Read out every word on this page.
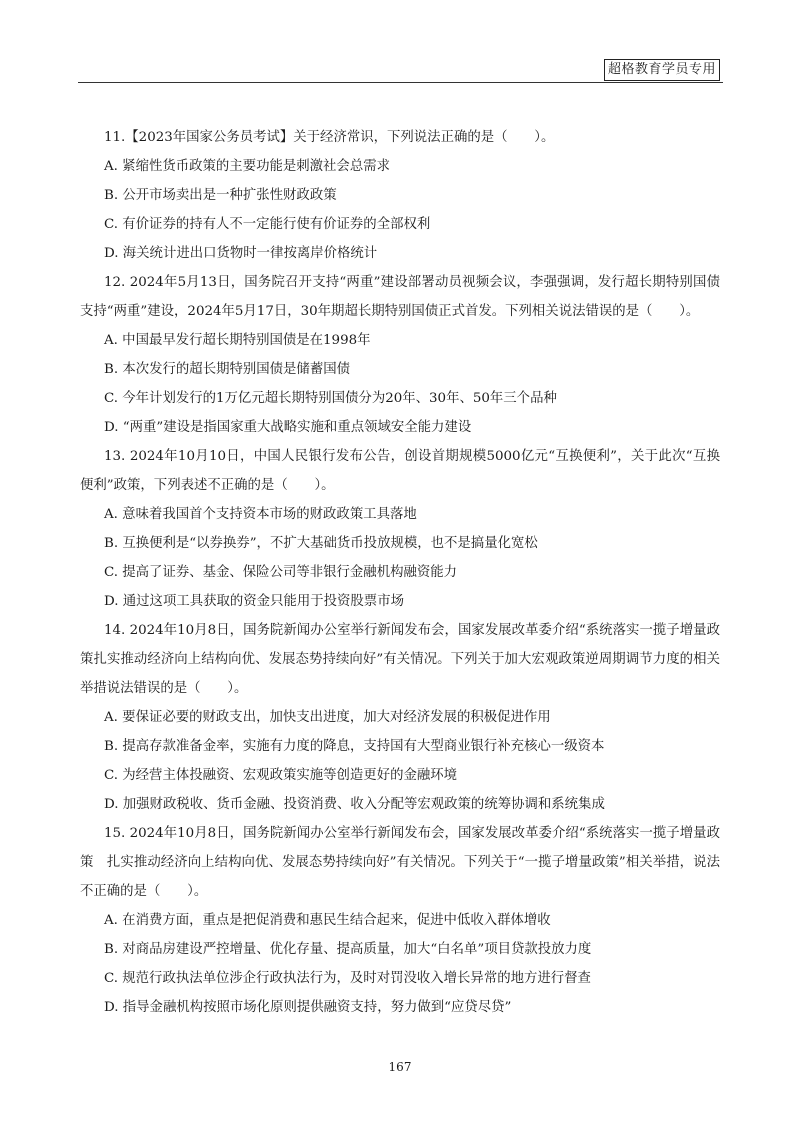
超格教育学员专用

11.【2023年国家公务员考试】关于经济常识，下列说法正确的是（　　）。

A. 紧缩性货币政策的主要功能是刺激社会总需求

B. 公开市场卖出是一种扩张性财政政策

C. 有价证券的持有人不一定能行使有价证券的全部权利

D. 海关统计进出口货物时一律按离岸价格统计

12. 2024年5月13日，国务院召开支持“两重”建设部署动员视频会议，李强强调，发行超长期特别国债支持“两重”建设，2024年5月17日，30年期超长期特别国债正式首发。下列相关说法错误的是（　　）。

A. 中国最早发行超长期特别国债是在1998年

B. 本次发行的超长期特别国债是储蓄国债

C. 今年计划发行的1万亿元超长期特别国债分为20年、30年、50年三个品种

D. “两重”建设是指国家重大战略实施和重点领域安全能力建设

13. 2024年10月10日，中国人民银行发布公告，创设首期规模5000亿元“互换便利”，关于此次“互换便利”政策，下列表述不正确的是（　　）。

A. 意味着我国首个支持资本市场的财政政策工具落地

B. 互换便利是“以券换券”，不扩大基础货币投放规模，也不是搞量化宽松

C. 提高了证券、基金、保险公司等非银行金融机构融资能力

D. 通过这项工具获取的资金只能用于投资股票市场

14. 2024年10月8日，国务院新闻办公室举行新闻发布会，国家发展改革委介绍“系统落实一揽子增量政策扎实推动经济向上结构向优、发展态势持续向好”有关情况。下列关于加大宏观政策逆周期调节力度的相关举措说法错误的是（　　）。

A. 要保证必要的财政支出，加快支出进度，加大对经济发展的积极促进作用

B. 提高存款准备金率，实施有力度的降息，支持国有大型商业银行补充核心一级资本

C. 为经营主体投融资、宏观政策实施等创造更好的金融环境

D. 加强财政税收、货币金融、投资消费、收入分配等宏观政策的统筹协调和系统集成

15. 2024年10月8日，国务院新闻办公室举行新闻发布会，国家发展改革委介绍“系统落实一揽子增量政策　扎实推动经济向上结构向优、发展态势持续向好”有关情况。下列关于“一揽子增量政策”相关举措，说法不正确的是（　　）。

A. 在消费方面，重点是把促消费和惠民生结合起来，促进中低收入群体增收

B. 对商品房建设严控增量、优化存量、提高质量，加大“白名单”项目贷款投放力度

C. 规范行政执法单位涉企行政执法行为，及时对罚没收入增长异常的地方进行督查

D. 指导金融机构按照市场化原则提供融资支持，努力做到“应贷尽贷”

167
